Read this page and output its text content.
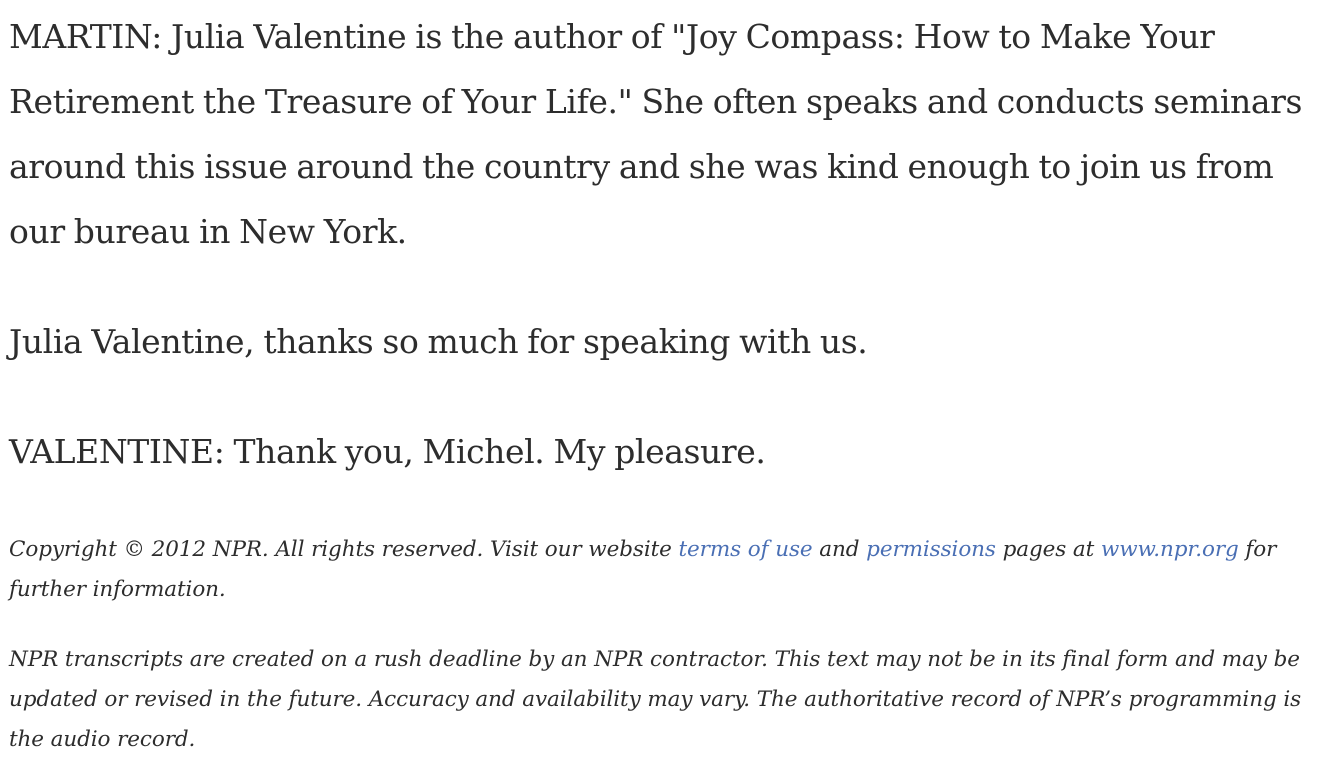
MARTIN: Julia Valentine is the author of "Joy Compass: How to Make Your Retirement the Treasure of Your Life." She often speaks and conducts seminars around this issue around the country and she was kind enough to join us from our bureau in New York.

Julia Valentine, thanks so much for speaking with us.

VALENTINE: Thank you, Michel. My pleasure.

Copyright © 2012 NPR. All rights reserved. Visit our website terms of use and permissions pages at www.npr.org for further information.

NPR transcripts are created on a rush deadline by an NPR contractor. This text may not be in its final form and may be updated or revised in the future. Accuracy and availability may vary. The authoritative record of NPR’s programming is the audio record.
